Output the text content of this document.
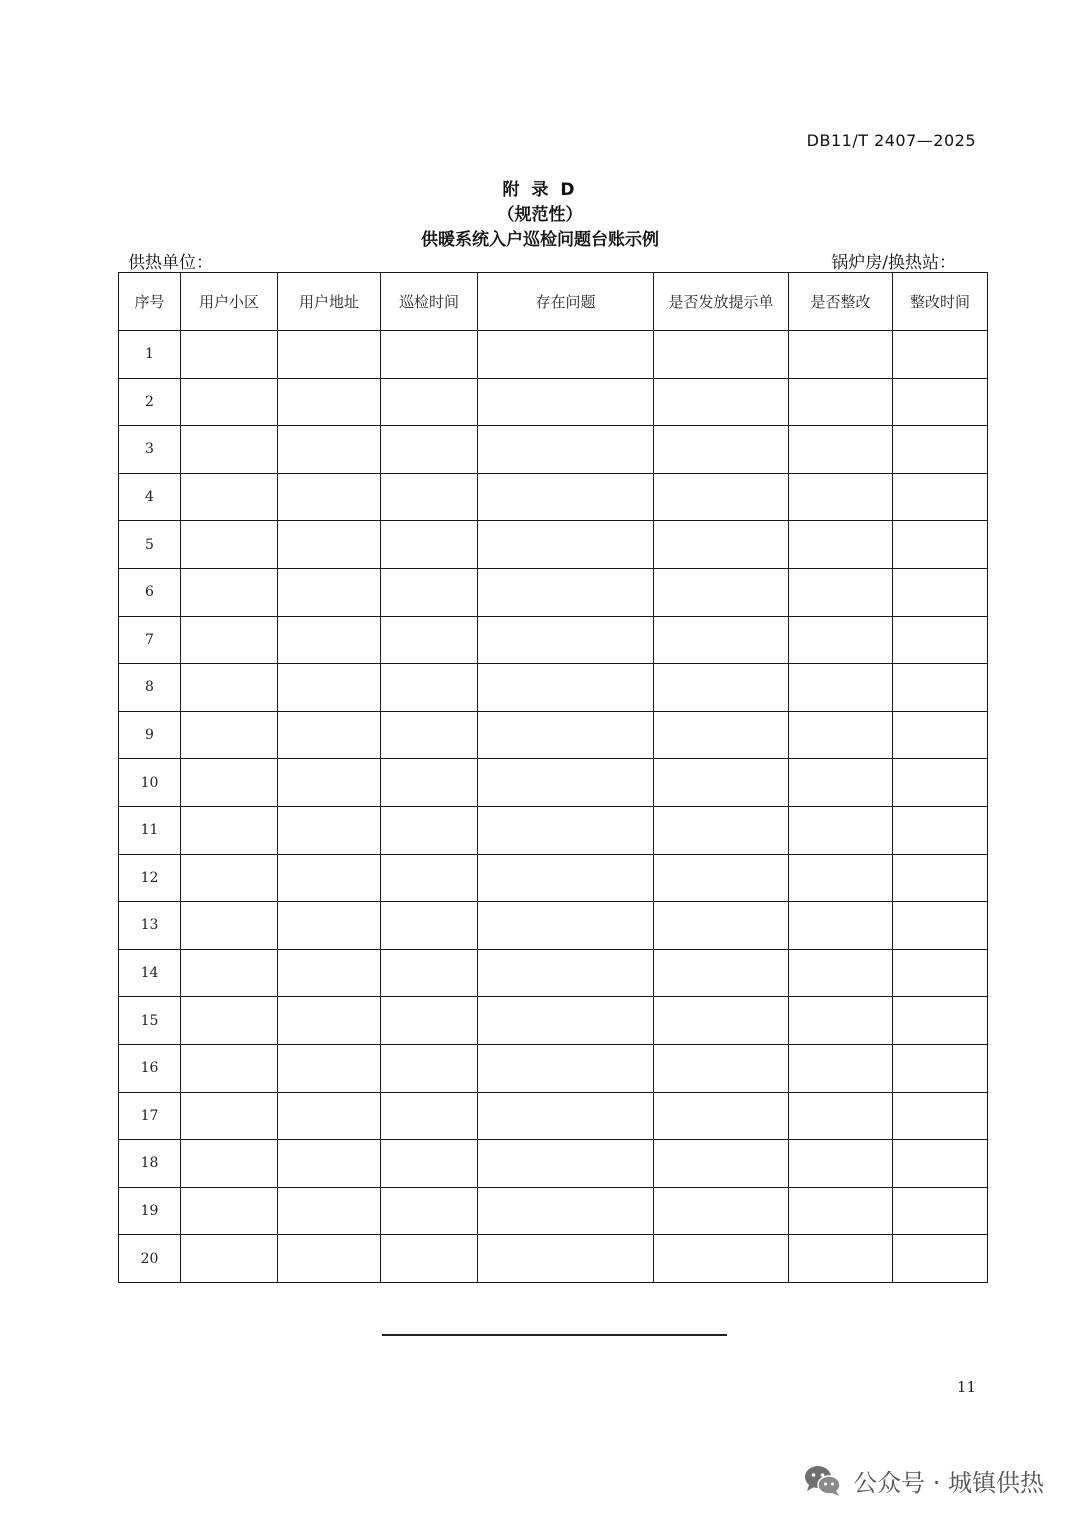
DB11/T 2407—2025
附 录 D
（规范性）
供暖系统入户巡检问题台账示例
供热单位：	锅炉房/换热站：
序号	用户小区	用户地址	巡检时间	存在问题	是否发放提示单	是否整改	整改时间
1							
2							
3							
4							
5							
6							
7							
8							
9							
10							
11							
12							
13							
14							
15							
16							
17							
18							
19							
20							
11
公众号 · 城镇供热
